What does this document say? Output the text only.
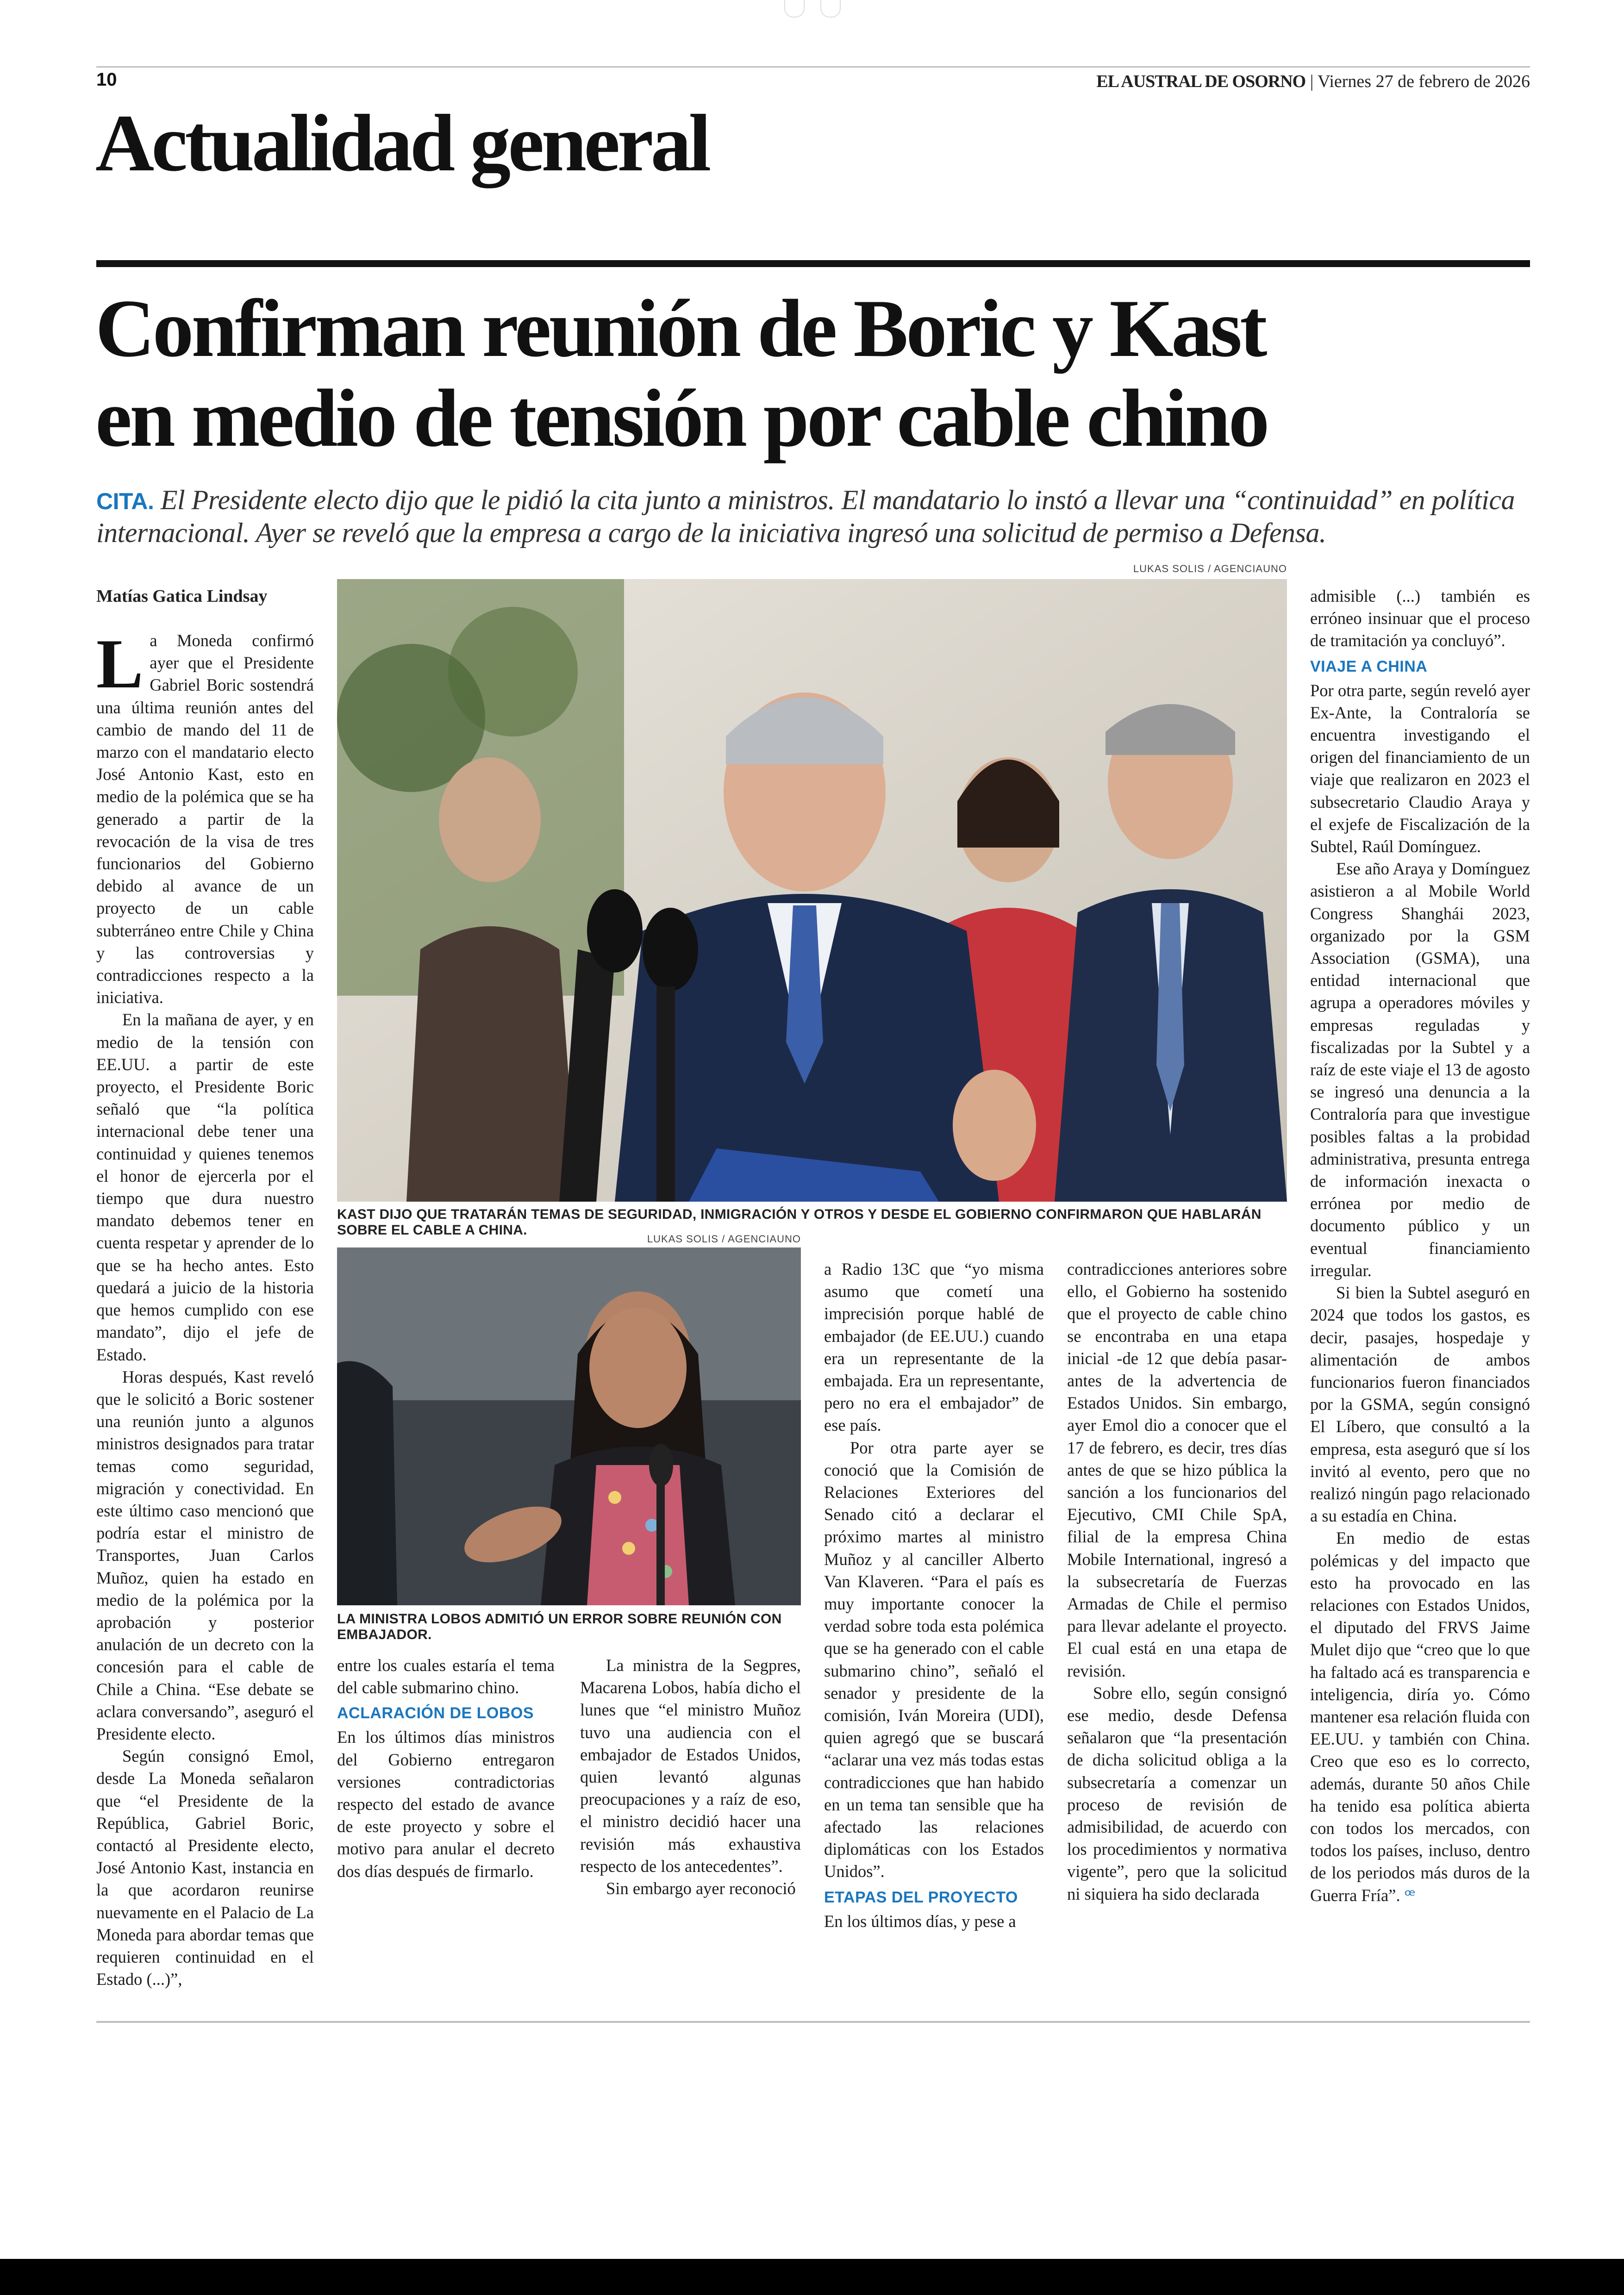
10	EL AUSTRAL DE OSORNO | Viernes 27 de febrero de 2026
Actualidad general
Confirman reunión de Boric y Kast
en medio de tensión por cable chino
CITA. El Presidente electo dijo que le pidió la cita junto a ministros. El mandatario lo instó a llevar una “continuidad” en política internacional. Ayer se reveló que la empresa a cargo de la iniciativa ingresó una solicitud de permiso a Defensa.
Matías Gatica Lindsay
LUKAS SOLIS / AGENCIAUNO
KAST DIJO QUE TRATARÁN TEMAS DE SEGURIDAD, INMIGRACIÓN Y OTROS Y DESDE EL GOBIERNO CONFIRMARON QUE HABLARÁN SOBRE EL CABLE A CHINA.
LUKAS SOLIS / AGENCIAUNO
LA MINISTRA LOBOS ADMITIÓ UN ERROR SOBRE REUNIÓN CON EMBAJADOR.

La Moneda confirmó ayer que el Presidente Gabriel Boric sostendrá una última reunión antes del cambio de mando del 11 de marzo con el mandatario electo José Antonio Kast, esto en medio de la polémica que se ha generado a partir de la revocación de la visa de tres funcionarios del Gobierno debido al avance de un proyecto de un cable subterráneo entre Chile y China y las controversias y contradicciones respecto a la iniciativa.

En la mañana de ayer, y en medio de la tensión con EE.UU. a partir de este proyecto, el Presidente Boric señaló que “la política internacional debe tener una continuidad y quienes tenemos el honor de ejercerla por el tiempo que dura nuestro mandato debemos tener en cuenta respetar y aprender de lo que se ha hecho antes. Esto quedará a juicio de la historia que hemos cumplido con ese mandato”, dijo el jefe de Estado.

Horas después, Kast reveló que le solicitó a Boric sostener una reunión junto a algunos ministros designados para tratar temas como seguridad, migración y conectividad. En este último caso mencionó que podría estar el ministro de Transportes, Juan Carlos Muñoz, quien ha estado en medio de la polémica por la aprobación y posterior anulación de un decreto con la concesión para el cable de Chile a China. “Ese debate se aclara conversando”, aseguró el Presidente electo.

Según consignó Emol, desde La Moneda señalaron que “el Presidente de la República, Gabriel Boric, contactó al Presidente electo, José Antonio Kast, instancia en la que acordaron reunirse nuevamente en el Palacio de La Moneda para abordar temas que requieren continuidad en el Estado (...)”,

entre los cuales estaría el tema del cable submarino chino.

ACLARACIÓN DE LOBOS

En los últimos días ministros del Gobierno entregaron versiones contradictorias respecto del estado de avance de este proyecto y sobre el motivo para anular el decreto dos días después de firmarlo.

La ministra de la Segpres, Macarena Lobos, había dicho el lunes que “el ministro Muñoz tuvo una audiencia con el embajador de Estados Unidos, quien levantó algunas preocupaciones y a raíz de eso, el ministro decidió hacer una revisión más exhaustiva respecto de los antecedentes”.

Sin embargo ayer reconoció

a Radio 13C que “yo misma asumo que cometí una imprecisión porque hablé de embajador (de EE.UU.) cuando era un representante de la embajada. Era un representante, pero no era el embajador” de ese país.

Por otra parte ayer se conoció que la Comisión de Relaciones Exteriores del Senado citó a declarar el próximo martes al ministro Muñoz y al canciller Alberto Van Klaveren. “Para el país es muy importante conocer la verdad sobre toda esta polémica que se ha generado con el cable submarino chino”, señaló el senador y presidente de la comisión, Iván Moreira (UDI), quien agregó que se buscará “aclarar una vez más todas estas contradicciones que han habido en un tema tan sensible que ha afectado las relaciones diplomáticas con los Estados Unidos”.

ETAPAS DEL PROYECTO

En los últimos días, y pese a

contradicciones anteriores sobre ello, el Gobierno ha sostenido que el proyecto de cable chino se encontraba en una etapa inicial -de 12 que debía pasar- antes de la advertencia de Estados Unidos. Sin embargo, ayer Emol dio a conocer que el 17 de febrero, es decir, tres días antes de que se hizo pública la sanción a los funcionarios del Ejecutivo, CMI Chile SpA, filial de la empresa China Mobile International, ingresó a la subsecretaría de Fuerzas Armadas de Chile el permiso para llevar adelante el proyecto. El cual está en una etapa de revisión.

Sobre ello, según consignó ese medio, desde Defensa señalaron que “la presentación de dicha solicitud obliga a la subsecretaría a comenzar un proceso de revisión de admisibilidad, de acuerdo con los procedimientos y normativa vigente”, pero que la solicitud ni siquiera ha sido declarada

admisible (...) también es erróneo insinuar que el proceso de tramitación ya concluyó”.

VIAJE A CHINA

Por otra parte, según reveló ayer Ex-Ante, la Contraloría se encuentra investigando el origen del financiamiento de un viaje que realizaron en 2023 el subsecretario Claudio Araya y el exjefe de Fiscalización de la Subtel, Raúl Domínguez.

Ese año Araya y Domínguez asistieron a al Mobile World Congress Shanghái 2023, organizado por la GSM Association (GSMA), una entidad internacional que agrupa a operadores móviles y empresas reguladas y fiscalizadas por la Subtel y a raíz de este viaje el 13 de agosto se ingresó una denuncia a la Contraloría para que investigue posibles faltas a la probidad administrativa, presunta entrega de información inexacta o errónea por medio de documento público y un eventual financiamiento irregular.

Si bien la Subtel aseguró en 2024 que todos los gastos, es decir, pasajes, hospedaje y alimentación de ambos funcionarios fueron financiados por la GSMA, según consignó El Líbero, que consultó a la empresa, esta aseguró que sí los invitó al evento, pero que no realizó ningún pago relacionado a su estadía en China.

En medio de estas polémicas y del impacto que esto ha provocado en las relaciones con Estados Unidos, el diputado del FRVS Jaime Mulet dijo que “creo que lo que ha faltado acá es transparencia e inteligencia, diría yo. Cómo mantener esa relación fluida con EE.UU. y también con China. Creo que eso es lo correcto, además, durante 50 años Chile ha tenido esa política abierta con todos los mercados, con todos los países, incluso, dentro de los periodos más duros de la Guerra Fría”. ꟹ
